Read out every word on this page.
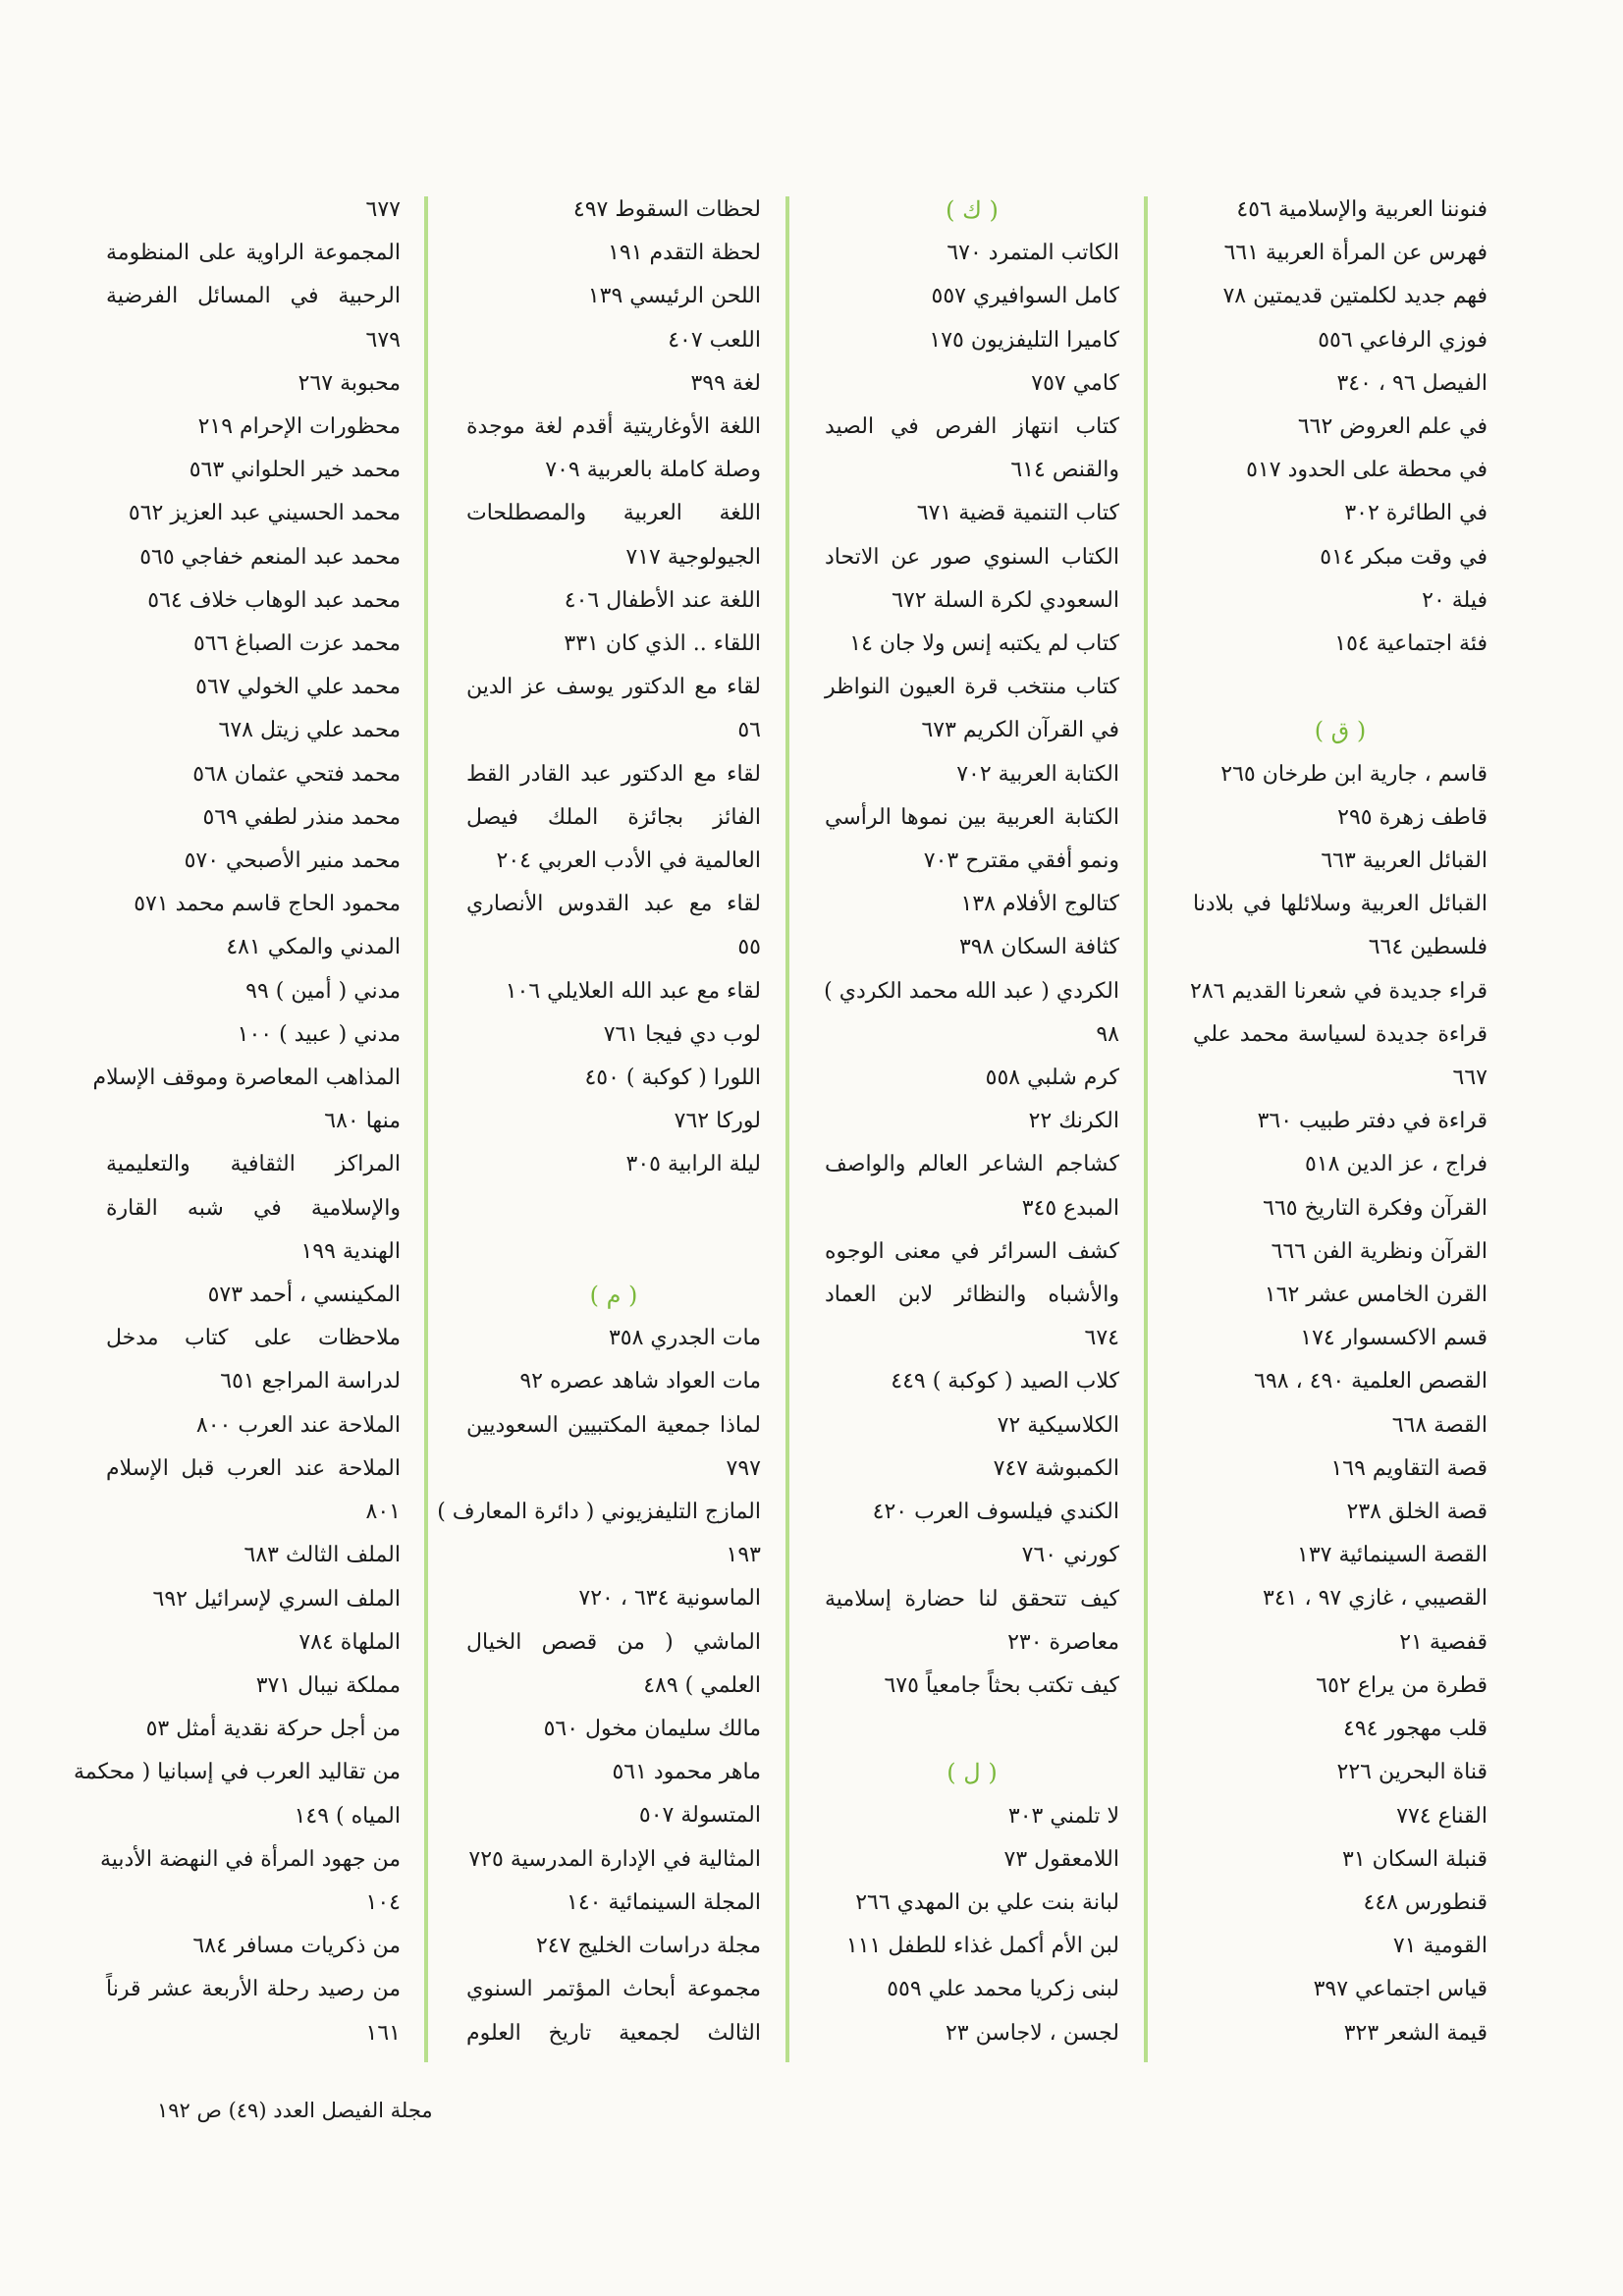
فنوننا العربية والإسلامية ٤٥٦
فهرس عن المرأة العربية ٦٦١
فهم جديد لكلمتين قديمتين ٧٨
فوزي الرفاعي ٥٥٦
الفيصل ٩٦ ، ٣٤٠
في علم العروض ٦٦٢
في محطة على الحدود ٥١٧
في الطائرة ٣٠٢
في وقت مبكر ٥١٤
فيلة ٢٠
فئة اجتماعية ١٥٤
( ق )
قاسم ، جارية ابن طرخان ٢٦٥
قاطف زهرة ٢٩٥
القبائل العربية ٦٦٣
القبائل العربية وسلائلها في بلادنا
فلسطين ٦٦٤
قراء جديدة في شعرنا القديم ٢٨٦
قراءة جديدة لسياسة محمد علي
٦٦٧
قراءة في دفتر طبيب ٣٦٠
فراج ، عز الدين ٥١٨
القرآن وفكرة التاريخ ٦٦٥
القرآن ونظرية الفن ٦٦٦
القرن الخامس عشر ١٦٢
قسم الاكسسوار ١٧٤
القصص العلمية ٤٩٠ ، ٦٩٨
القصة ٦٦٨
قصة التقاويم ١٦٩
قصة الخلق ٢٣٨
القصة السينمائية ١٣٧
القصيبي ، غازي ٩٧ ، ٣٤١
قفصية ٢١
قطرة من يراع ٦٥٢
قلب مهجور ٤٩٤
قناة البحرين ٢٢٦
القناع ٧٧٤
قنبلة السكان ٣١
قنطورس ٤٤٨
القومية ٧١
قياس اجتماعي ٣٩٧
قيمة الشعر ٣٢٣
( ك )
الكاتب المتمرد ٦٧٠
كامل السوافيري ٥٥٧
كاميرا التليفزيون ١٧٥
كامي ٧٥٧
كتاب انتهاز الفرص في الصيد
والقنص ٦١٤
كتاب التنمية قضية ٦٧١
الكتاب السنوي صور عن الاتحاد
السعودي لكرة السلة ٦٧٢
كتاب لم يكتبه إنس ولا جان ١٤
كتاب منتخب قرة العيون النواظر
في القرآن الكريم ٦٧٣
الكتابة العربية ٧٠٢
الكتابة العربية بين نموها الرأسي
ونمو أفقي مقترح ٧٠٣
كتالوج الأفلام ١٣٨
كثافة السكان ٣٩٨
الكردي ( عبد الله محمد الكردي )
٩٨
كرم شلبي ٥٥٨
الكرنك ٢٢
كشاجم الشاعر العالم والواصف
المبدع ٣٤٥
كشف السرائر في معنى الوجوه
والأشباه والنظائر لابن العماد
٦٧٤
كلاب الصيد ( كوكبة ) ٤٤٩
الكلاسيكية ٧٢
الكمبوشة ٧٤٧
الكندي فيلسوف العرب ٤٢٠
كورني ٧٦٠
كيف تتحقق لنا حضارة إسلامية
معاصرة ٢٣٠
كيف تكتب بحثاً جامعياً ٦٧٥
( ل )
لا تلمني ٣٠٣
اللامعقول ٧٣
لبانة بنت علي بن المهدي ٢٦٦
لبن الأم أكمل غذاء للطفل ١١١
لبنى زكريا محمد علي ٥٥٩
لجسن ، لاجاسن ٢٣
لحظات السقوط ٤٩٧
لحظة التقدم ١٩١
اللحن الرئيسي ١٣٩
اللعب ٤٠٧
لغة ٣٩٩
اللغة الأوغاريتية أقدم لغة موجدة
وصلة كاملة بالعربية ٧٠٩
اللغة العربية والمصطلحات
الجيولوجية ٧١٧
اللغة عند الأطفال ٤٠٦
اللقاء .. الذي كان ٣٣١
لقاء مع الدكتور يوسف عز الدين
٥٦
لقاء مع الدكتور عبد القادر القط
الفائز بجائزة الملك فيصل
العالمية في الأدب العربي ٢٠٤
لقاء مع عبد القدوس الأنصاري
٥٥
لقاء مع عبد الله العلايلي ١٠٦
لوب دي فيجا ٧٦١
اللورا ( كوكبة ) ٤٥٠
لوركا ٧٦٢
ليلة الرابية ٣٠٥
( م )
مات الجدري ٣٥٨
مات العواد شاهد عصره ٩٢
لماذا جمعية المكتبيين السعوديين
٧٩٧
المازج التليفزيوني ( دائرة المعارف )
١٩٣
الماسونية ٦٣٤ ، ٧٢٠
الماشي ( من قصص الخيال
العلمي ) ٤٨٩
مالك سليمان مخول ٥٦٠
ماهر محمود ٥٦١
المتسولة ٥٠٧
المثالية في الإدارة المدرسية ٧٢٥
المجلة السينمائية ١٤٠
مجلة دراسات الخليج ٢٤٧
مجموعة أبحاث المؤتمر السنوي
الثالث لجمعية تاريخ العلوم
٦٧٧
المجموعة الراوية على المنظومة
الرحبية في المسائل الفرضية
٦٧٩
محبوبة ٢٦٧
محظورات الإحرام ٢١٩
محمد خير الحلواني ٥٦٣
محمد الحسيني عبد العزيز ٥٦٢
محمد عبد المنعم خفاجي ٥٦٥
محمد عبد الوهاب خلاف ٥٦٤
محمد عزت الصباغ ٥٦٦
محمد علي الخولي ٥٦٧
محمد علي زيتل ٦٧٨
محمد فتحي عثمان ٥٦٨
محمد منذر لطفي ٥٦٩
محمد منير الأصبحي ٥٧٠
محمود الحاج قاسم محمد ٥٧١
المدني والمكي ٤٨١
مدني ( أمين ) ٩٩
مدني ( عبيد ) ١٠٠
المذاهب المعاصرة وموقف الإسلام
منها ٦٨٠
المراكز الثقافية والتعليمية
والإسلامية في شبه القارة
الهندية ١٩٩
المكينسي ، أحمد ٥٧٣
ملاحظات على كتاب مدخل
لدراسة المراجع ٦٥١
الملاحة عند العرب ٨٠٠
الملاحة عند العرب قبل الإسلام
٨٠١
الملف الثالث ٦٨٣
الملف السري لإسرائيل ٦٩٢
الملهاة ٧٨٤
مملكة نيبال ٣٧١
من أجل حركة نقدية أمثل ٥٣
من تقاليد العرب في إسبانيا ( محكمة
المياه ) ١٤٩
من جهود المرأة في النهضة الأدبية
١٠٤
من ذكريات مسافر ٦٨٤
من رصيد رحلة الأربعة عشر قرناً
١٦١
مجلة الفيصل العدد (٤٩) ص ١٩٢
